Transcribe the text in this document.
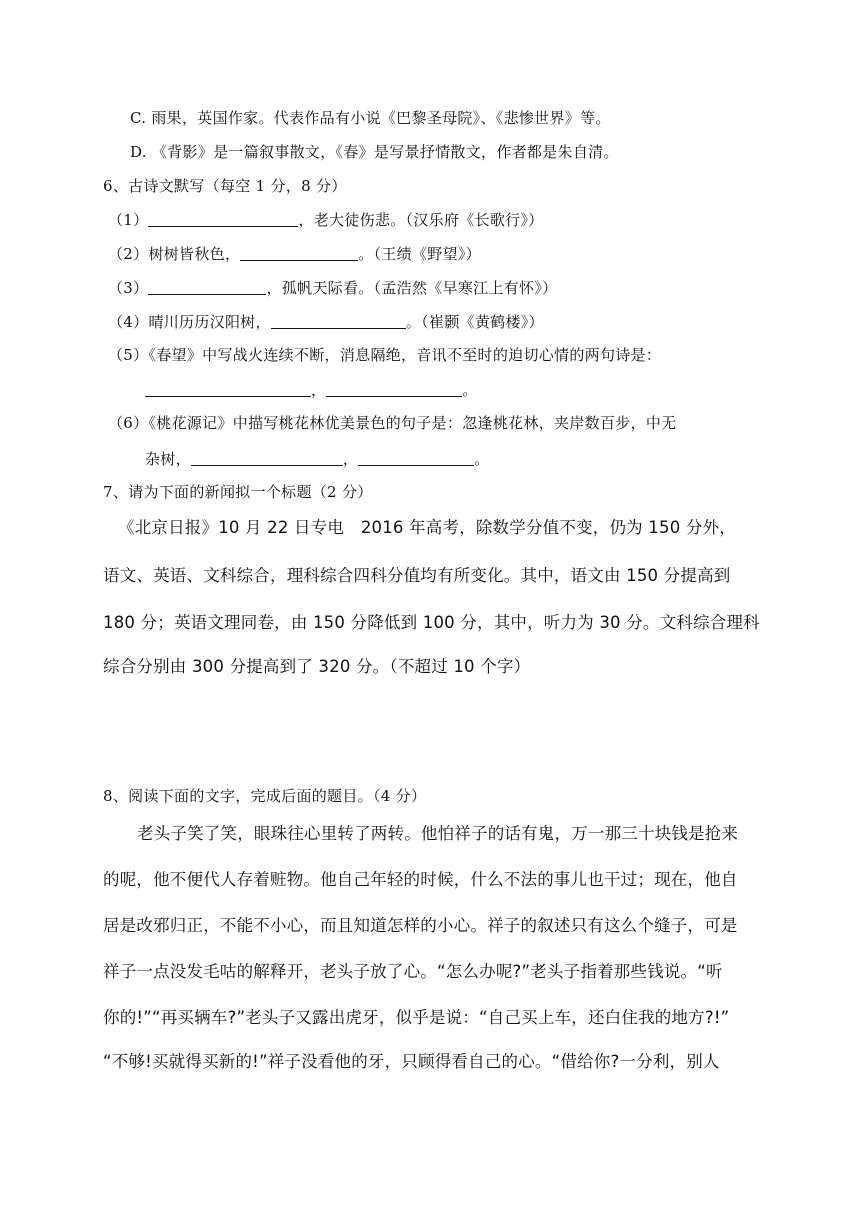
C. 雨果，英国作家。代表作品有小说《巴黎圣母院》、《悲惨世界》等。
D. 《背影》是一篇叙事散文，《春》是写景抒情散文，作者都是朱自清。
6、古诗文默写（每空 1 分，8 分）
（1）	，老大徒伤悲。（汉乐府《长歌行》）
（2）树树皆秋色，	。（王绩《野望》）
（3）	，孤帆天际看。（孟浩然《早寒江上有怀》）
（4）晴川历历汉阳树，	。（崔颢《黄鹤楼》）
（5）《春望》中写战火连续不断，消息隔绝，音讯不至时的迫切心情的两句诗是：
，	。
（6）《桃花源记》中描写桃花林优美景色的句子是：忽逢桃花林，夹岸数百步，中无
杂树，	，	。
7、请为下面的新闻拟一个标题（2 分）
《北京日报》10 月 22 日专电　2016 年高考，除数学分值不变，仍为 150 分外，
语文、英语、文科综合，理科综合四科分值均有所变化。其中，语文由 150 分提高到
180 分；英语文理同卷，由 150 分降低到 100 分，其中，听力为 30 分。文科综合理科
综合分别由 300 分提高到了 320 分。（不超过 10 个字）
8、阅读下面的文字，完成后面的题目。（4 分）
老头子笑了笑，眼珠往心里转了两转。他怕祥子的话有鬼，万一那三十块钱是抢来
的呢，他不便代人存着赃物。他自己年轻的时候，什么不法的事儿也干过；现在，他自
居是改邪归正，不能不小心，而且知道怎样的小心。祥子的叙述只有这么个缝子，可是
祥子一点没发毛咕的解释开，老头子放了心。“怎么办呢?”老头子指着那些钱说。“听
你的!”“再买辆车?”老头子又露出虎牙，似乎是说：“自己买上车，还白住我的地方?!”
“不够!买就得买新的!”祥子没看他的牙，只顾得看自己的心。“借给你?一分利，别人
